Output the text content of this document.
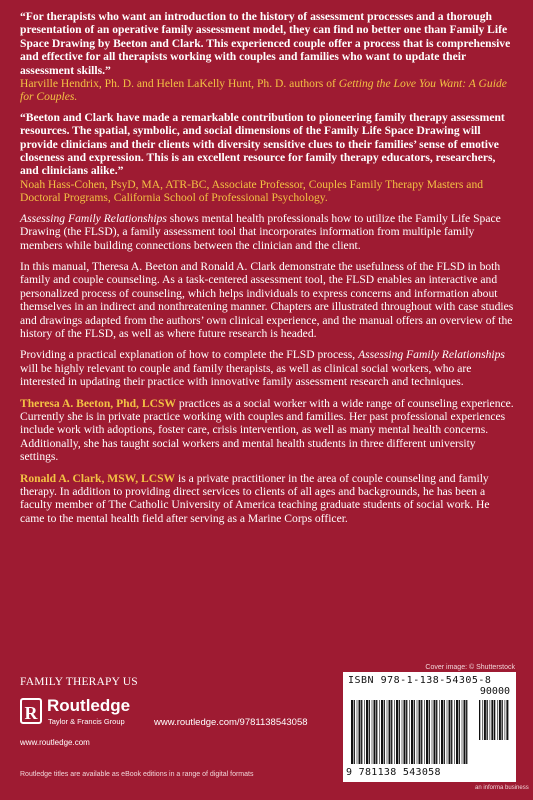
“For therapists who want an introduction to the history of assessment processes and a thorough presentation of an operative family assessment model, they can find no better one than Family Life Space Drawing by Beeton and Clark. This experienced couple offer a process that is comprehensive and effective for all therapists working with couples and families who want to update their assessment skills.”

Harville Hendrix, Ph. D. and Helen LaKelly Hunt, Ph. D. authors of Getting the Love You Want: A Guide for Couples.

“Beeton and Clark have made a remarkable contribution to pioneering family therapy assessment resources. The spatial, symbolic, and social dimensions of the Family Life Space Drawing will provide clinicians and their clients with diversity sensitive clues to their families’ sense of emotive closeness and expression. This is an excellent resource for family therapy educators, researchers, and clinicians alike.”

Noah Hass-Cohen, PsyD, MA, ATR-BC, Associate Professor, Couples Family Therapy Masters and Doctoral Programs, California School of Professional Psychology.

Assessing Family Relationships shows mental health professionals how to utilize the Family Life Space Drawing (the FLSD), a family assessment tool that incorporates information from multiple family members while building connections between the clinician and the client.

In this manual, Theresa A. Beeton and Ronald A. Clark demonstrate the usefulness of the FLSD in both family and couple counseling. As a task-centered assessment tool, the FLSD enables an interactive and personalized process of counseling, which helps individuals to express concerns and information about themselves in an indirect and nonthreatening manner. Chapters are illustrated throughout with case studies and drawings adapted from the authors’ own clinical experience, and the manual offers an overview of the history of the FLSD, as well as where future research is headed.

Providing a practical explanation of how to complete the FLSD process, Assessing Family Relationships will be highly relevant to couple and family therapists, as well as clinical social workers, who are interested in updating their practice with innovative family assessment research and techniques.

Theresa A. Beeton, Phd, LCSW practices as a social worker with a wide range of counseling experience. Currently she is in private practice working with couples and families. Her past professional experiences include work with adoptions, foster care, crisis intervention, as well as many mental health concerns. Additionally, she has taught social workers and mental health students in three different university settings.

Ronald A. Clark, MSW, LCSW is a private practitioner in the area of couple counseling and family therapy. In addition to providing direct services to clients of all ages and backgrounds, he has been a faculty member of The Catholic University of America teaching graduate students of social work. He came to the mental health field after serving as a Marine Corps officer.

Cover image: © Shutterstock
FAMILY THERAPY US
R Routledge
Taylor & Francis Group
www.routledge.com
www.routledge.com/9781138543058
ISBN 978-1-138-54305-8
90000
9 781138 543058
Routledge titles are available as eBook editions in a range of digital formats
an informa business
